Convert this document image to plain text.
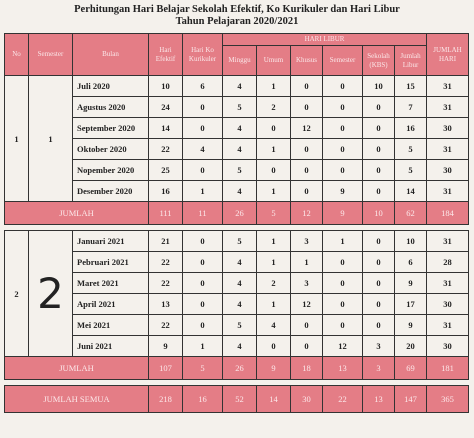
Perhitungan Hari Belajar Sekolah Efektif, Ko Kurikuler dan Hari Libur
Tahun Pelajaran 2020/2021
No	Semester	Bulan	Hari Efektif	Hari Ko Kurikuler	HARI LIBUR						JUMLAH HARI
					Minggu	Umum	Khusus	Semester	Sekolah (KBS)	Jumlah Libur	
1	1	Juli 2020	10	6	4	1	0	0	10	15	31
		Agustus 2020	24	0	5	2	0	0	0	7	31
		September 2020	14	0	4	0	12	0	0	16	30
		Oktober 2020	22	4	4	1	0	0	0	5	31
		Nopember 2020	25	0	5	0	0	0	0	5	30
		Desember 2020	16	1	4	1	0	9	0	14	31
JUMLAH			111	11	26	5	12	9	10	62	184

2	2	Januari 2021	21	0	5	1	3	1	0	10	31
		Pebruari 2021	22	0	4	1	1	0	0	6	28
		Maret 2021	22	0	4	2	3	0	0	9	31
		April 2021	13	0	4	1	12	0	0	17	30
		Mei 2021	22	0	5	4	0	0	0	9	31
		Juni 2021	9	1	4	0	0	12	3	20	30
JUMLAH			107	5	26	9	18	13	3	69	181

JUMLAH SEMUA			218	16	52	14	30	22	13	147	365
